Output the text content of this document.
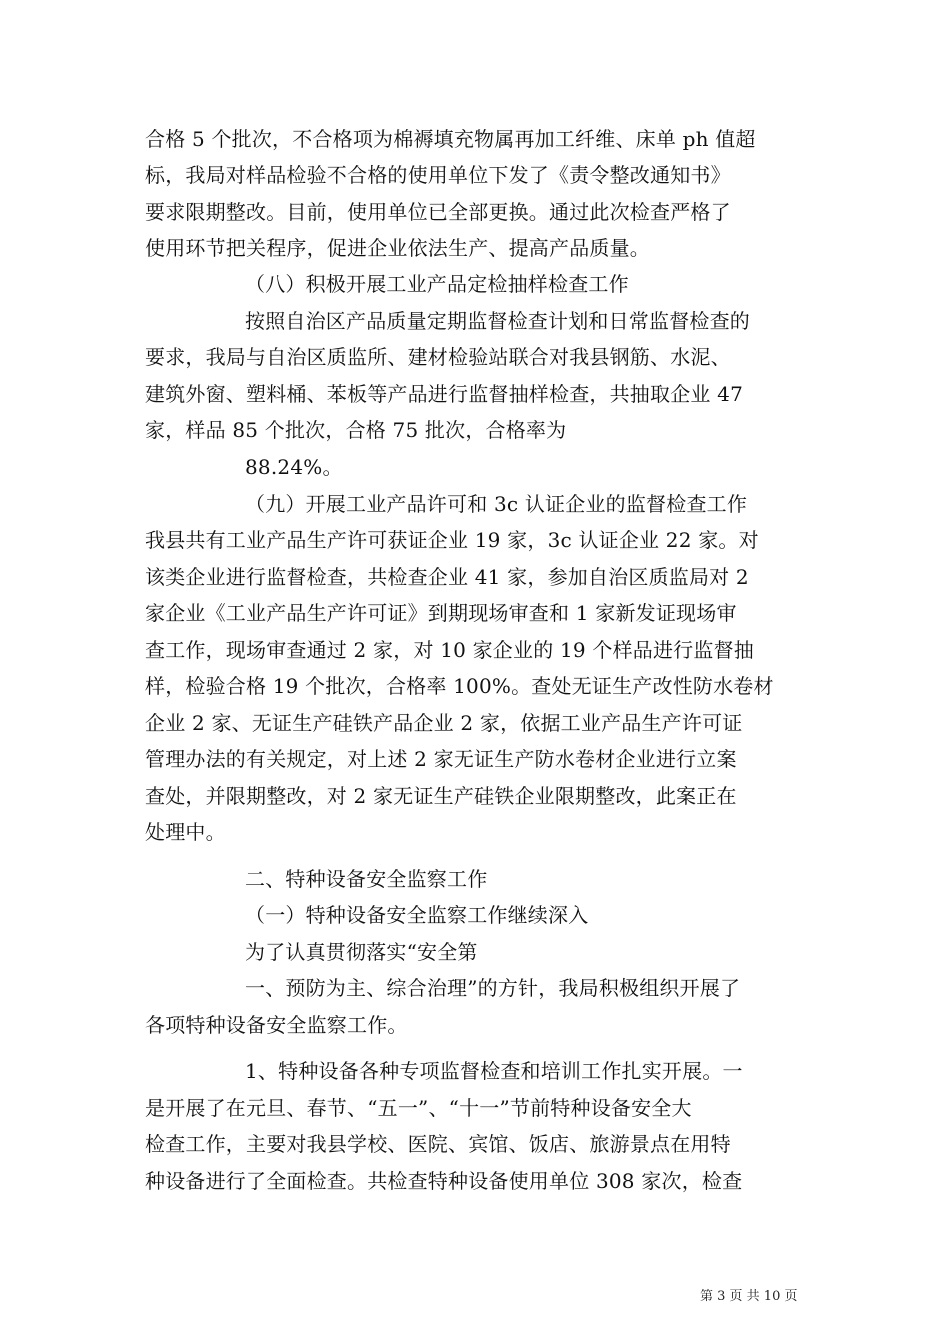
合格 5 个批次，不合格项为棉褥填充物属再加工纤维、床单 ph 值超
标，我局对样品检验不合格的使用单位下发了《责令整改通知书》
要求限期整改。目前，使用单位已全部更换。通过此次检查严格了
使用环节把关程序，促进企业依法生产、提高产品质量。
（八）积极开展工业产品定检抽样检查工作
按照自治区产品质量定期监督检查计划和日常监督检查的
要求，我局与自治区质监所、建材检验站联合对我县钢筋、水泥、
建筑外窗、塑料桶、苯板等产品进行监督抽样检查，共抽取企业 47
家，样品 85 个批次，合格 75 批次，合格率为
88.24%。
（九）开展工业产品许可和 3c 认证企业的监督检查工作
我县共有工业产品生产许可获证企业 19 家，3c 认证企业 22 家。对
该类企业进行监督检查，共检查企业 41 家，参加自治区质监局对 2
家企业《工业产品生产许可证》到期现场审查和 1 家新发证现场审
查工作，现场审查通过 2 家，对 10 家企业的 19 个样品进行监督抽
样，检验合格 19 个批次，合格率 100%。查处无证生产改性防水卷材
企业 2 家、无证生产硅铁产品企业 2 家，依据工业产品生产许可证
管理办法的有关规定，对上述 2 家无证生产防水卷材企业进行立案
查处，并限期整改，对 2 家无证生产硅铁企业限期整改，此案正在
处理中。
二、特种设备安全监察工作
（一）特种设备安全监察工作继续深入
为了认真贯彻落实“安全第
一、预防为主、综合治理”的方针，我局积极组织开展了
各项特种设备安全监察工作。
1、特种设备各种专项监督检查和培训工作扎实开展。一
是开展了在元旦、春节、“五一”、“十一”节前特种设备安全大
检查工作，主要对我县学校、医院、宾馆、饭店、旅游景点在用特
种设备进行了全面检查。共检查特种设备使用单位 308 家次，检查
第 3 页 共 10 页
